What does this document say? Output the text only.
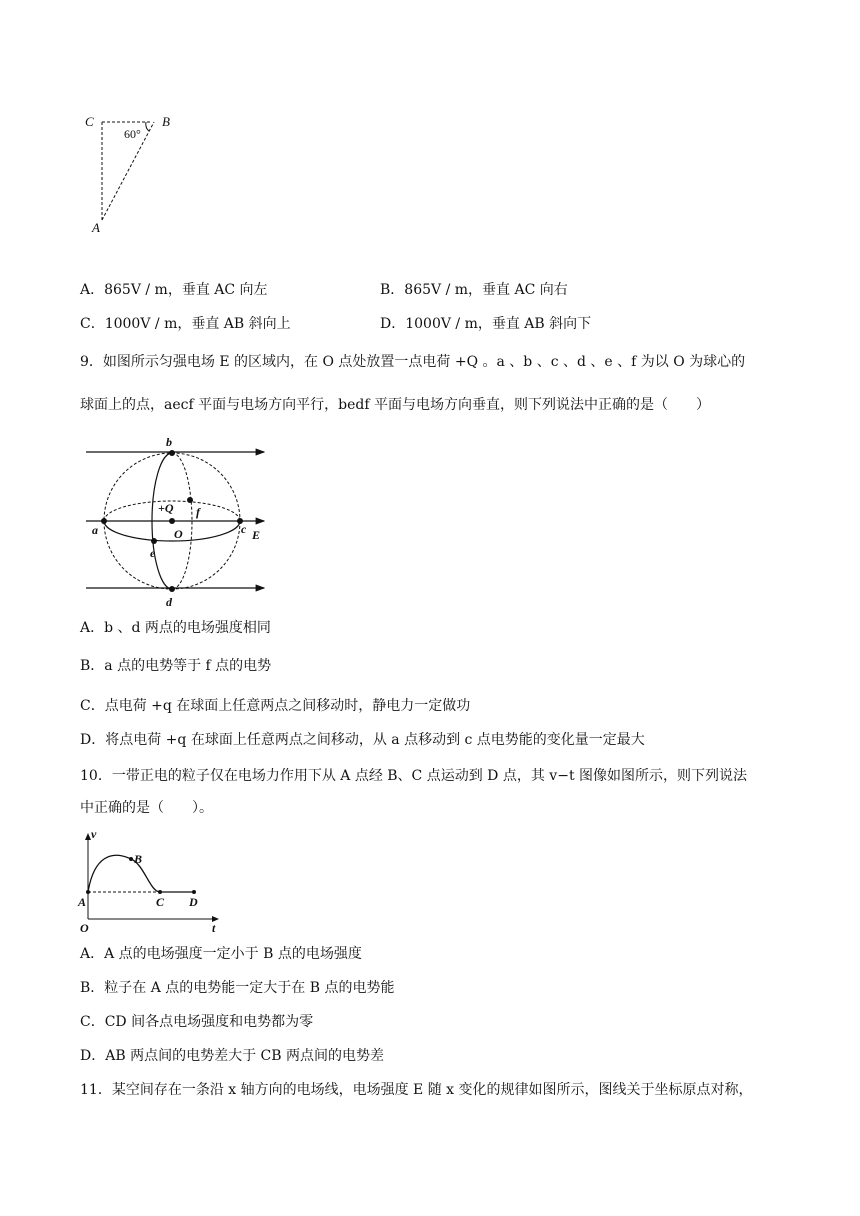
C	B
60°
A
A．865V / m，垂直 AC 向左	B．865V / m，垂直 AC 向右
C．1000V / m，垂直 AB 斜向上	D．1000V / m，垂直 AB 斜向下
9．如图所示匀强电场 E 的区域内，在 O 点处放置一点电荷 +Q 。a 、b 、c 、d 、e 、f 为以 O 为球心的
球面上的点，aecf 平面与电场方向平行，bedf 平面与电场方向垂直，则下列说法中正确的是（　　）
b
+Q f
a	O	c E
e
d
A．b 、d 两点的电场强度相同
B．a 点的电势等于 f 点的电势
C．点电荷 +q 在球面上任意两点之间移动时，静电力一定做功
D．将点电荷 +q 在球面上任意两点之间移动，从 a 点移动到 c 点电势能的变化量一定最大
10．一带正电的粒子仅在电场力作用下从 A 点经 B、C 点运动到 D 点，其 v−t 图像如图所示，则下列说法
中正确的是（　　）。
v
B
A	C D
O	t
A．A 点的电场强度一定小于 B 点的电场强度
B．粒子在 A 点的电势能一定大于在 B 点的电势能
C．CD 间各点电场强度和电势都为零
D．AB 两点间的电势差大于 CB 两点间的电势差
11．某空间存在一条沿 x 轴方向的电场线，电场强度 E 随 x 变化的规律如图所示，图线关于坐标原点对称，
